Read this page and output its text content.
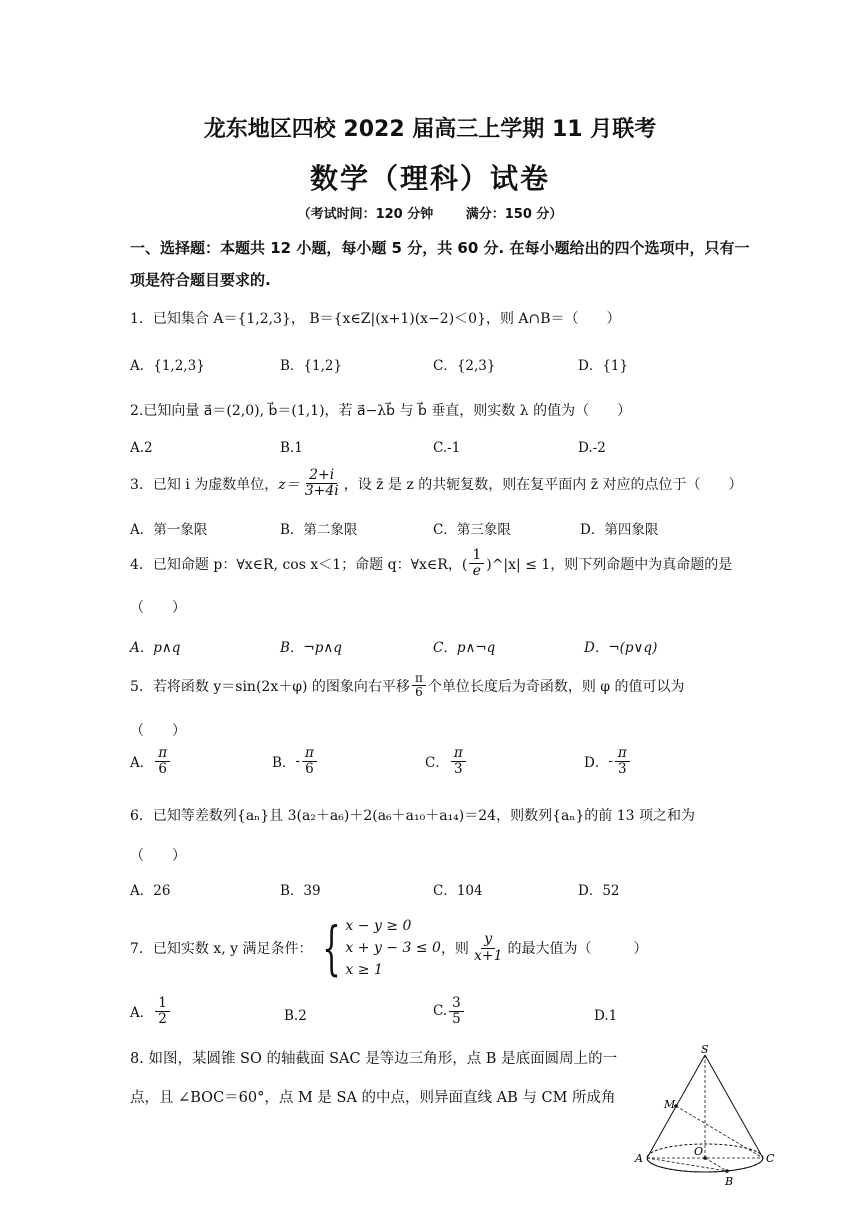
龙东地区四校 2022 届高三上学期 11 月联考
数学（理科）试卷
（考试时间：120 分钟	满分：150 分）
一、选择题：本题共 12 小题，每小题 5 分，共 60 分. 在每小题给出的四个选项中，只有一
项是符合题目要求的.
1．已知集合 A＝{1,2,3}， B＝{x∈Z|(x+1)(x−2)＜0}，则 A∩B＝（　　）
A．{1,2,3}	B．{1,2}	C．{2,3}	D．{1}
2.已知向量 a⃗＝(2,0), b⃗＝(1,1)，若 a⃗−λb⃗ 与 b⃗ 垂直，则实数 λ 的值为（　　）
A.2	B.1	C.-1	D.-2
3．已知 i 为虚数单位， $z= \frac{2+i}{3+4i}$ ，设 z̄ 是 z 的共轭复数，则在复平面内 z̄ 对应的点位于（　　）
A．第一象限	B．第二象限	C．第三象限	D．第四象限
4．已知命题 p：∀x∈R, cos x＜1；命题 q：∀x∈R，( $\frac{1}{e}$ )^|x| ≤ 1，则下列命题中为真命题的是
（　　）
A．p∧q	B．¬p∧q	C．p∧¬q	D．¬(p∨q)
5．若将函数 y＝sin(2x＋φ) 的图象向右平移 $\frac{\pi}{6}$ 个单位长度后为奇函数，则 φ 的值可以为
（　　）
A． $\frac{\pi}{6}$	B． - $\frac{\pi}{6}$	C． $\frac{\pi}{3}$	D． - $\frac{\pi}{3}$
6．已知等差数列{aₙ}且 3(a₂＋a₆)＋2(a₆＋a₁₀＋a₁₄)＝24，则数列{aₙ}的前 13 项之和为
（　　）
A．26	B．39	C．104	D．52
7．已知实数 x, y 满足条件： { x − y ≥ 0
x + y − 3 ≤ 0
x ≥ 1
，则 $\frac{y}{x+1}$ 的最大值为（　　　）
A． $\frac{1}{2}$	B.2	C. $\frac{3}{5}$	D.1
8. 如图，某圆锥 SO 的轴截面 SAC 是等边三角形，点 B 是底面圆周上的一
点，且 ∠BOC＝60°，点 M 是 SA 的中点，则异面直线 AB 与 CM 所成角
S
M
A
O
C
B
